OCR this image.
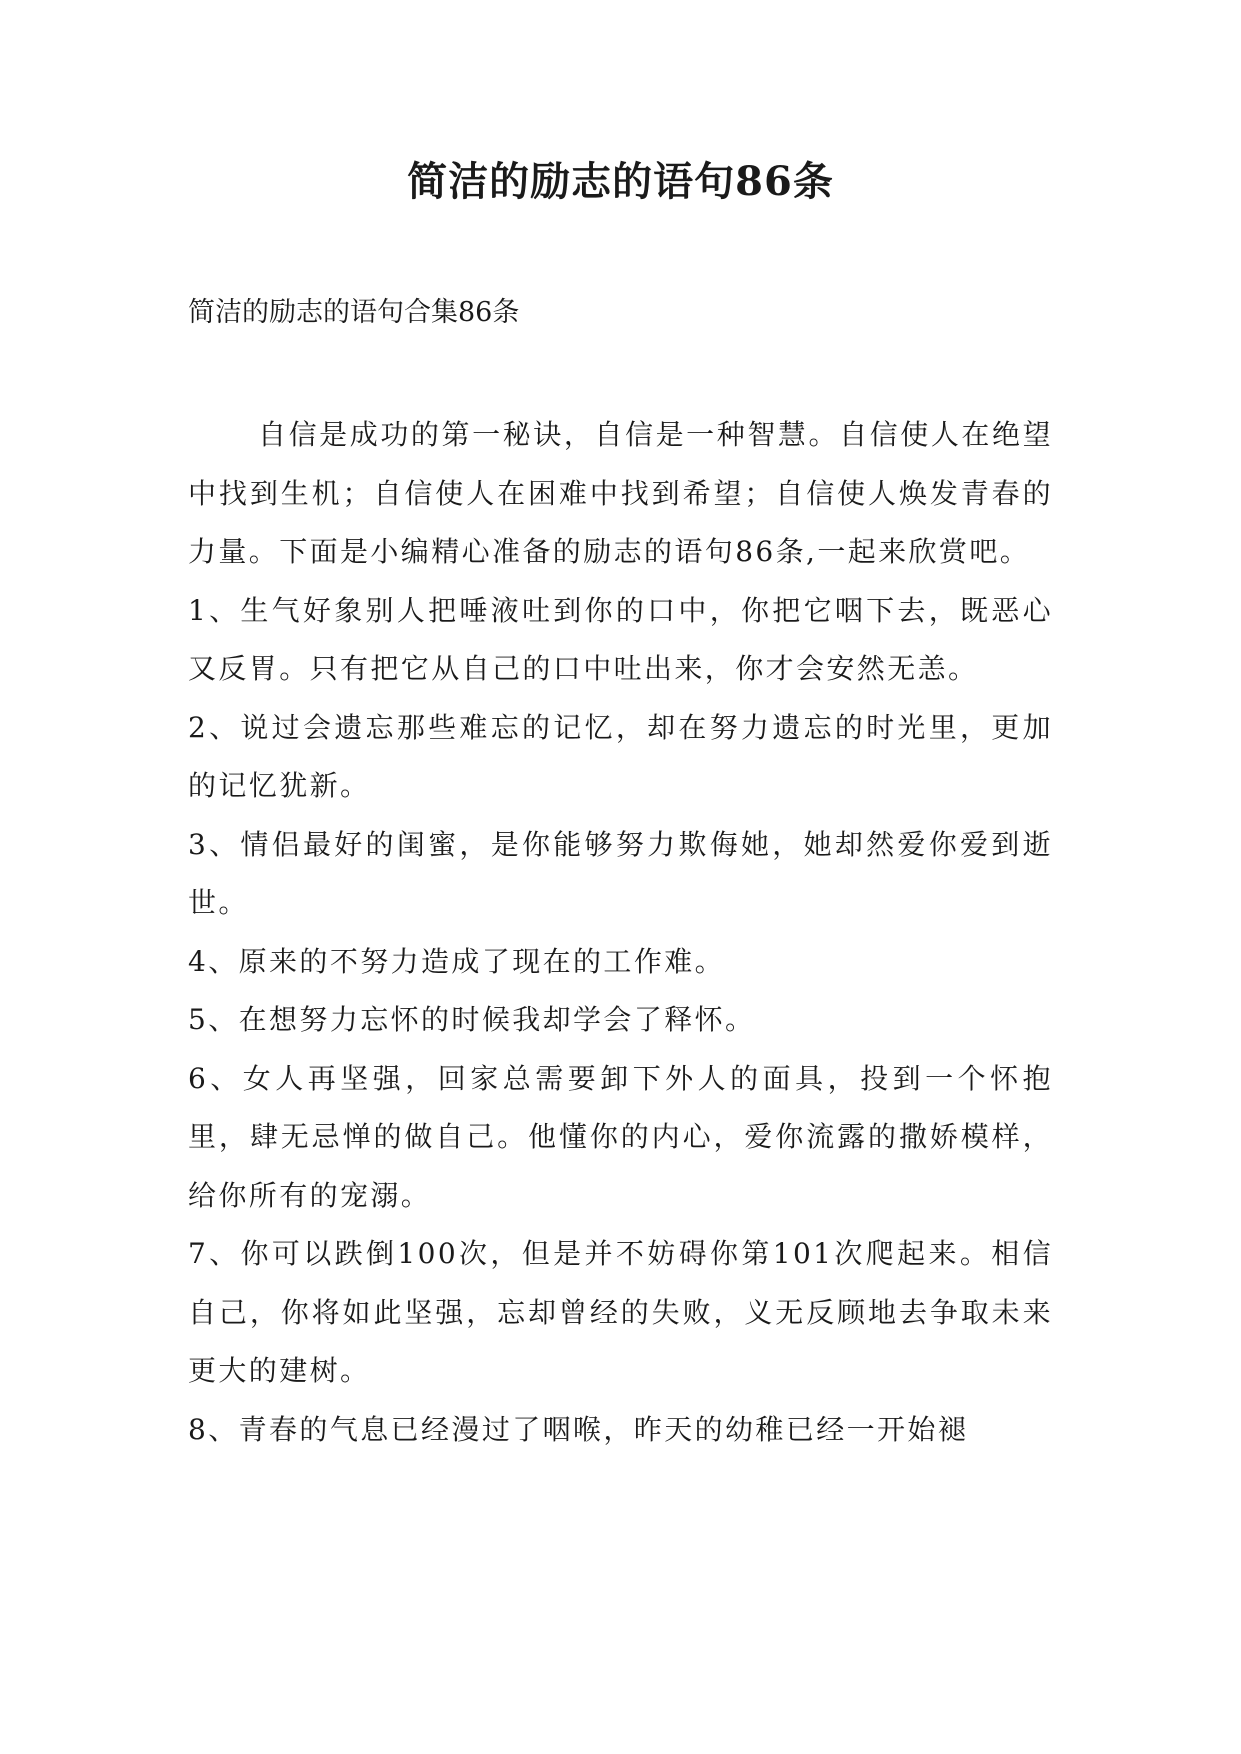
简洁的励志的语句86条

简洁的励志的语句合集86条

自信是成功的第一秘诀，自信是一种智慧。自信使人在绝望中找到生机；自信使人在困难中找到希望；自信使人焕发青春的力量。下面是小编精心准备的励志的语句86条,一起来欣赏吧。

1、生气好象别人把唾液吐到你的口中，你把它咽下去，既恶心又反胃。只有把它从自己的口中吐出来，你才会安然无恙。

2、说过会遗忘那些难忘的记忆，却在努力遗忘的时光里，更加的记忆犹新。

3、情侣最好的闺蜜，是你能够努力欺侮她，她却然爱你爱到逝世。

4、原来的不努力造成了现在的工作难。

5、在想努力忘怀的时候我却学会了释怀。

6、女人再坚强，回家总需要卸下外人的面具，投到一个怀抱里，肆无忌惮的做自己。他懂你的内心，爱你流露的撒娇模样，给你所有的宠溺。

7、你可以跌倒100次，但是并不妨碍你第101次爬起来。相信自己，你将如此坚强，忘却曾经的失败，义无反顾地去争取未来更大的建树。

8、青春的气息已经漫过了咽喉，昨天的幼稚已经一开始褪
